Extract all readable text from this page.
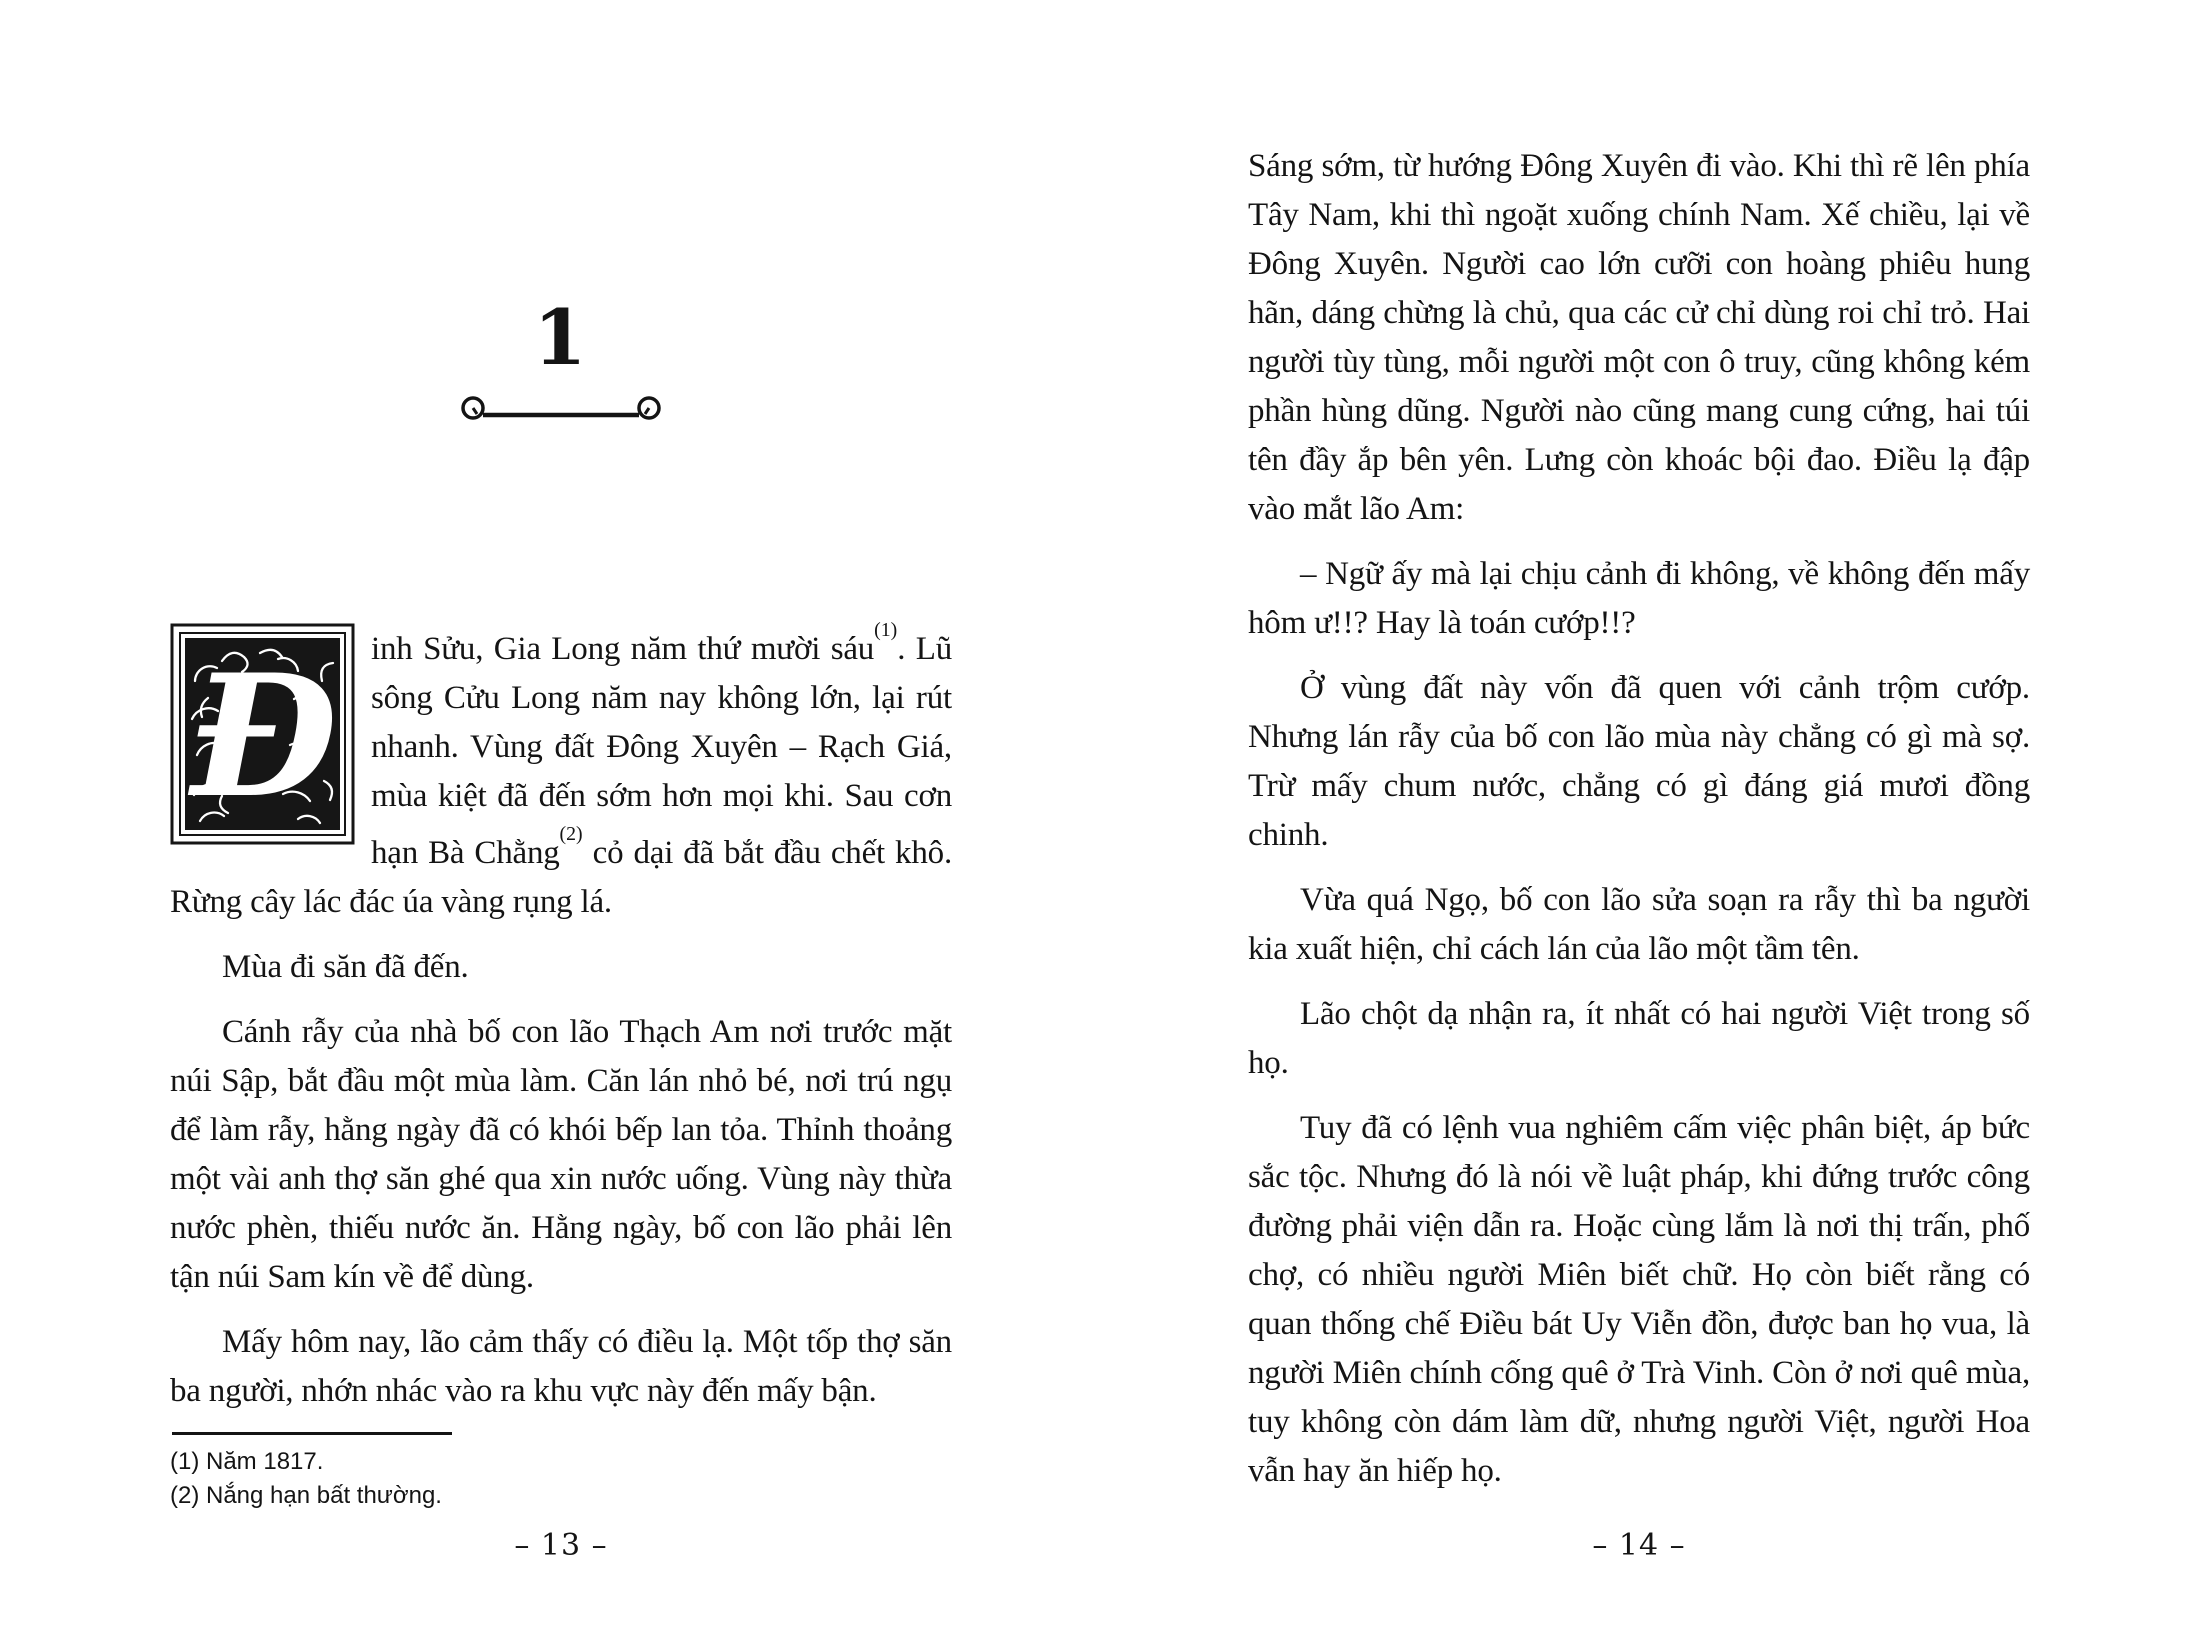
1

Đ inh Sửu, Gia Long năm thứ mười sáu$^{(1)}$. Lũ sông Cửu Long năm nay không lớn, lại rút nhanh. Vùng đất Đông Xuyên – Rạch Giá, mùa kiệt đã đến sớm hơn mọi khi. Sau cơn hạn Bà Chằng$^{(2)}$ cỏ dại đã bắt đầu chết khô. Rừng cây lác đác úa vàng rụng lá.

Mùa đi săn đã đến.

Cánh rẫy của nhà bố con lão Thạch Am nơi trước mặt núi Sập, bắt đầu một mùa làm. Căn lán nhỏ bé, nơi trú ngụ để làm rẫy, hằng ngày đã có khói bếp lan tỏa. Thỉnh thoảng một vài anh thợ săn ghé qua xin nước uống. Vùng này thừa nước phèn, thiếu nước ăn. Hằng ngày, bố con lão phải lên tận núi Sam kín về để dùng.

Mấy hôm nay, lão cảm thấy có điều lạ. Một tốp thợ săn ba người, nhớn nhác vào ra khu vực này đến mấy bận.

(1) Năm 1817.
(2) Nắng hạn bất thường.
– 13 –

Sáng sớm, từ hướng Đông Xuyên đi vào. Khi thì rẽ lên phía Tây Nam, khi thì ngoặt xuống chính Nam. Xế chiều, lại về Đông Xuyên. Người cao lớn cưỡi con hoàng phiêu hung hãn, dáng chừng là chủ, qua các cử chỉ dùng roi chỉ trỏ. Hai người tùy tùng, mỗi người một con ô truy, cũng không kém phần hùng dũng. Người nào cũng mang cung cứng, hai túi tên đầy ắp bên yên. Lưng còn khoác bội đao. Điều lạ đập vào mắt lão Am:

– Ngữ ấy mà lại chịu cảnh đi không, về không đến mấy hôm ư!!? Hay là toán cướp!!?

Ở vùng đất này vốn đã quen với cảnh trộm cướp. Nhưng lán rẫy của bố con lão mùa này chẳng có gì mà sợ. Trừ mấy chum nước, chẳng có gì đáng giá mươi đồng chinh.

Vừa quá Ngọ, bố con lão sửa soạn ra rẫy thì ba người kia xuất hiện, chỉ cách lán của lão một tầm tên.

Lão chột dạ nhận ra, ít nhất có hai người Việt trong số họ.

Tuy đã có lệnh vua nghiêm cấm việc phân biệt, áp bức sắc tộc. Nhưng đó là nói về luật pháp, khi đứng trước công đường phải viện dẫn ra. Hoặc cùng lắm là nơi thị trấn, phố chợ, có nhiều người Miên biết chữ. Họ còn biết rằng có quan thống chế Điều bát Uy Viễn đồn, được ban họ vua, là người Miên chính cống quê ở Trà Vinh. Còn ở nơi quê mùa, tuy không còn dám làm dữ, nhưng người Việt, người Hoa vẫn hay ăn hiếp họ.

– 14 –
